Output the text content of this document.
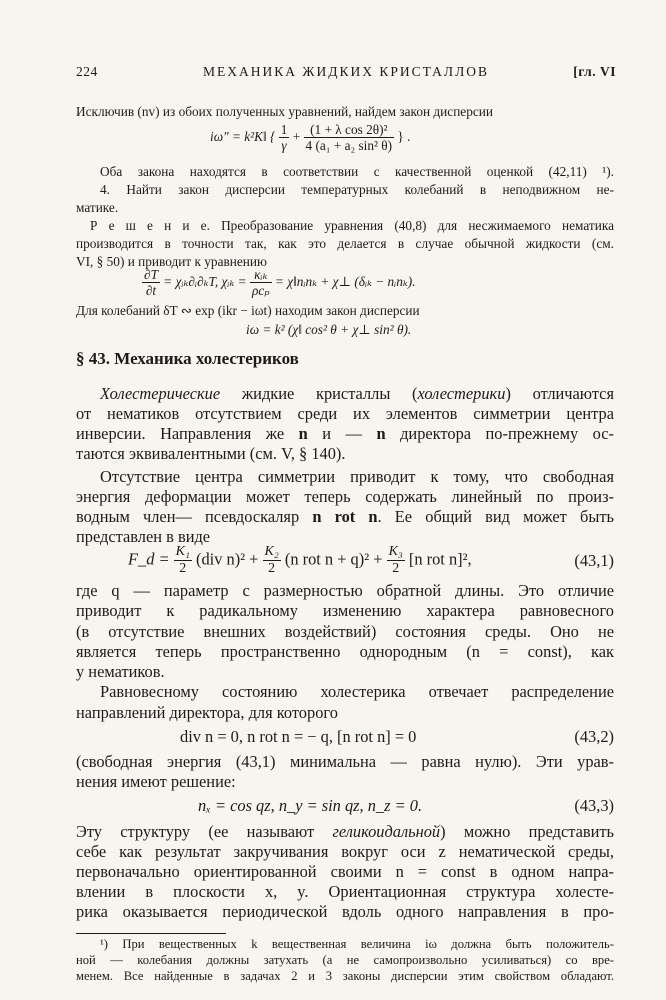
224	МЕХАНИКА ЖИДКИХ КРИСТАЛЛОВ	[гл. VI
Исключив (nv) из обоих полученных уравнений, найдем закон дисперсии
iω″ = k²K‖ { $\frac{1}{\gamma} + \frac{\text{(1 + λ cos 2θ)²}}{\text{4 (a₁ + a₂ sin² θ)}}$ } .
Оба закона находятся в соответствии с качественной оценкой (42,11) ¹).
4. Найти закон дисперсии температурных колебаний в неподвижном не-
матике.
Р е ш е н и е. Преобразование уравнения (40,8) для несжимаемого нематика
производится в точности так, как это делается в случае обычной жидкости (см.
VI, § 50) и приводит к уравнению
$\frac{\partial T}{\partial t}$ = χᵢₖ∂ᵢ∂ₖT, χᵢₖ = $\frac{\text{κᵢₖ}}{\text{ρcₚ}}$ = χ‖nᵢnₖ + χ⊥ (δᵢₖ − nᵢnₖ).
Для колебаний δT ∾ exp (ikr − iωt) находим закон дисперсии
iω = k² (χ‖ cos² θ + χ⊥ sin² θ).
§ 43. Механика холестериков
Холестерические жидкие кристаллы (холестерики) отличаются
от нематиков отсутствием среди их элементов симметрии центра
инверсии. Направления же n и — n директора по-прежнему ос-
таются эквивалентными (см. V, § 140).
Отсутствие центра симметрии приводит к тому, что свободная
энергия деформации может теперь содержать линейный по произ-
водным член— псевдоскаляр n rot n. Ее общий вид может быть
представлен в виде
F_d = $\frac{\text{K₁}}{2} (div$ $n)^2 + \frac{\text{K₂}}{2} (n$ rot $n + q)^2 + \frac{\text{K₃}}{2} [n$ rot n]²,	(43,1)
где q — параметр с размерностью обратной длины. Это отличие
приводит к радикальному изменению характера равновесного
(в отсутствие внешних воздействий) состояния среды. Оно не
является теперь пространственно однородным (n = const), как
у нематиков.
Равновесному состоянию холестерика отвечает распределение
направлений директора, для которого
div n = 0, n rot n = − q, [n rot n] = 0	(43,2)
(свободная энергия (43,1) минимальна — равна нулю). Эти урав-
нения имеют решение:
nₓ = cos qz, n_y = sin qz, n_z = 0.	(43,3)
Эту структуру (ее называют геликоидальной) можно представить
себе как результат закручивания вокруг оси z нематической среды,
первоначально ориентированной своими n = const в одном напра-
влении в плоскости x, y. Ориентационная структура холесте-
рика оказывается периодической вдоль одного направления в про-
¹) При вещественных k вещественная величина iω должна быть положитель-
ной — колебания должны затухать (а не самопроизвольно усиливаться) со вре-
менем. Все найденные в задачах 2 и 3 законы дисперсии этим свойством обладают.
